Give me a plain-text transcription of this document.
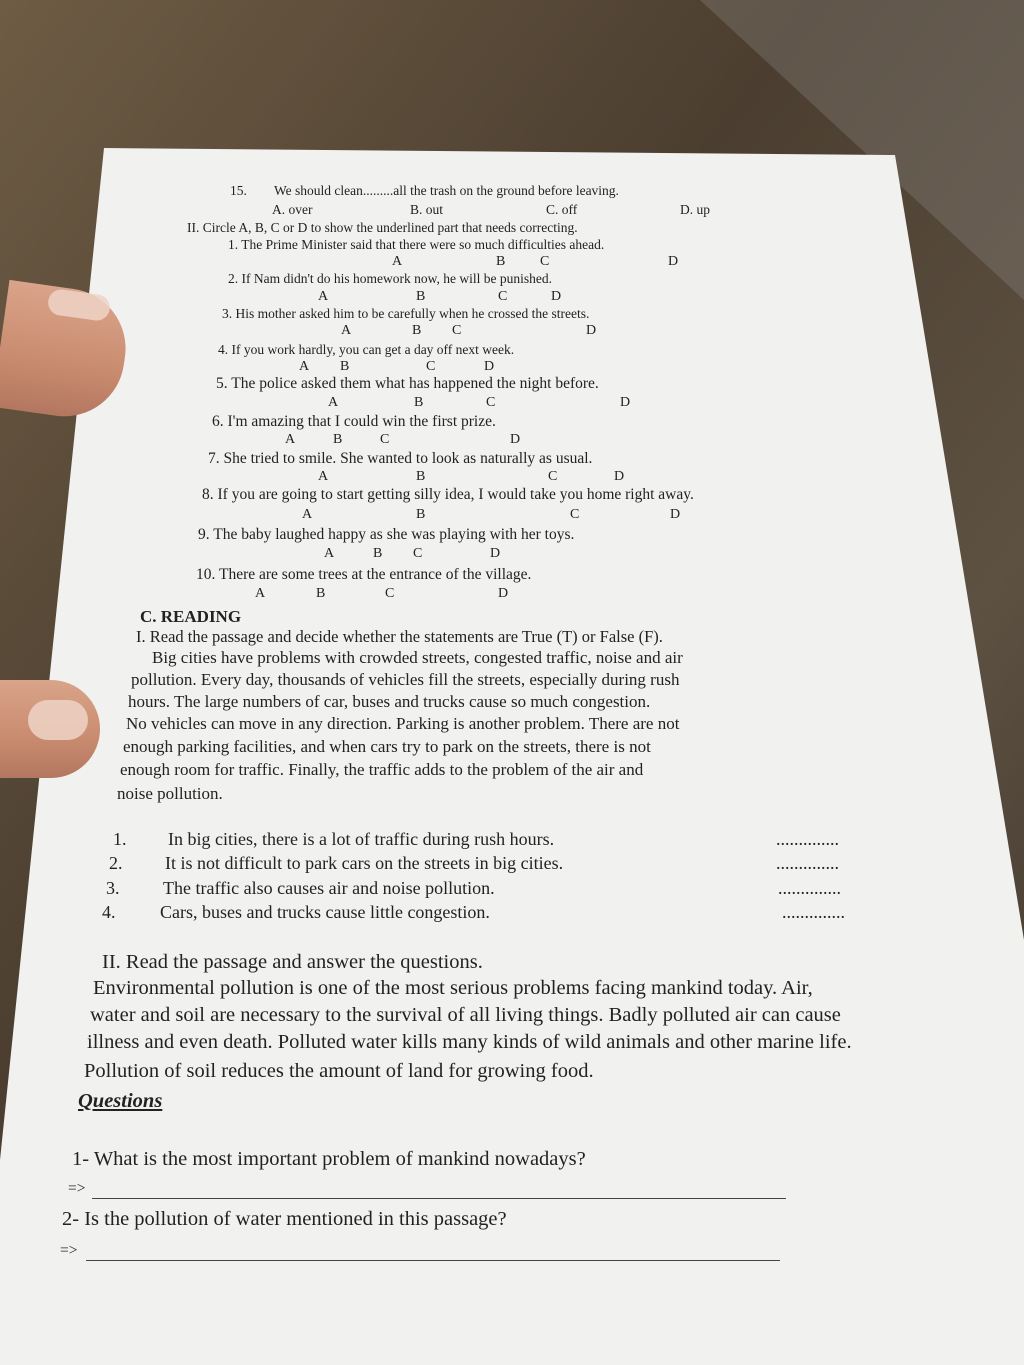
15. We should clean.........all the trash on the ground before leaving.
A. over	B. out	C. off	D. up
II. Circle A, B, C or D to show the underlined part that needs correcting.
1. The Prime Minister said that there were so much difficulties ahead.
A	B C	D
2. If Nam didn't do his homework now, he will be punished.
A	B	C	D
3. His mother asked him to be carefully when he crossed the streets.
A	B C	D
4. If you work hardly, you can get a day off next week.
A B	C	D
5. The police asked them what has happened the night before.
A	B	C	D
6. I'm amazing that I could win the first prize.
A	B	C	D
7. She tried to smile. She wanted to look as naturally as usual.
A	B	C	D
8. If you are going to start getting silly idea, I would take you home right away.
A	B	C	D
9. The baby laughed happy as she was playing with her toys.
A	B C	D
10. There are some trees at the entrance of the village.
A	B	C	D
C. READING
I. Read the passage and decide whether the statements are True (T) or False (F).
Big cities have problems with crowded streets, congested traffic, noise and air
pollution. Every day, thousands of vehicles fill the streets, especially during rush
hours. The large numbers of car, buses and trucks cause so much congestion.
No vehicles can move in any direction. Parking is another problem. There are not
enough parking facilities, and when cars try to park on the streets, there is not
enough room for traffic. Finally, the traffic adds to the problem of the air and
noise pollution.
1. In big cities, there is a lot of traffic during rush hours.	..............
2. It is not difficult to park cars on the streets in big cities.	..............
3. The traffic also causes air and noise pollution.	..............
4. Cars, buses and trucks cause little congestion.	..............
II. Read the passage and answer the questions.
Environmental pollution is one of the most serious problems facing mankind today. Air,
water and soil are necessary to the survival of all living things. Badly polluted air can cause
illness and even death. Polluted water kills many kinds of wild animals and other marine life.
Pollution of soil reduces the amount of land for growing food.
Questions
1- What is the most important problem of mankind nowadays?
=>
2- Is the pollution of water mentioned in this passage?
=>
